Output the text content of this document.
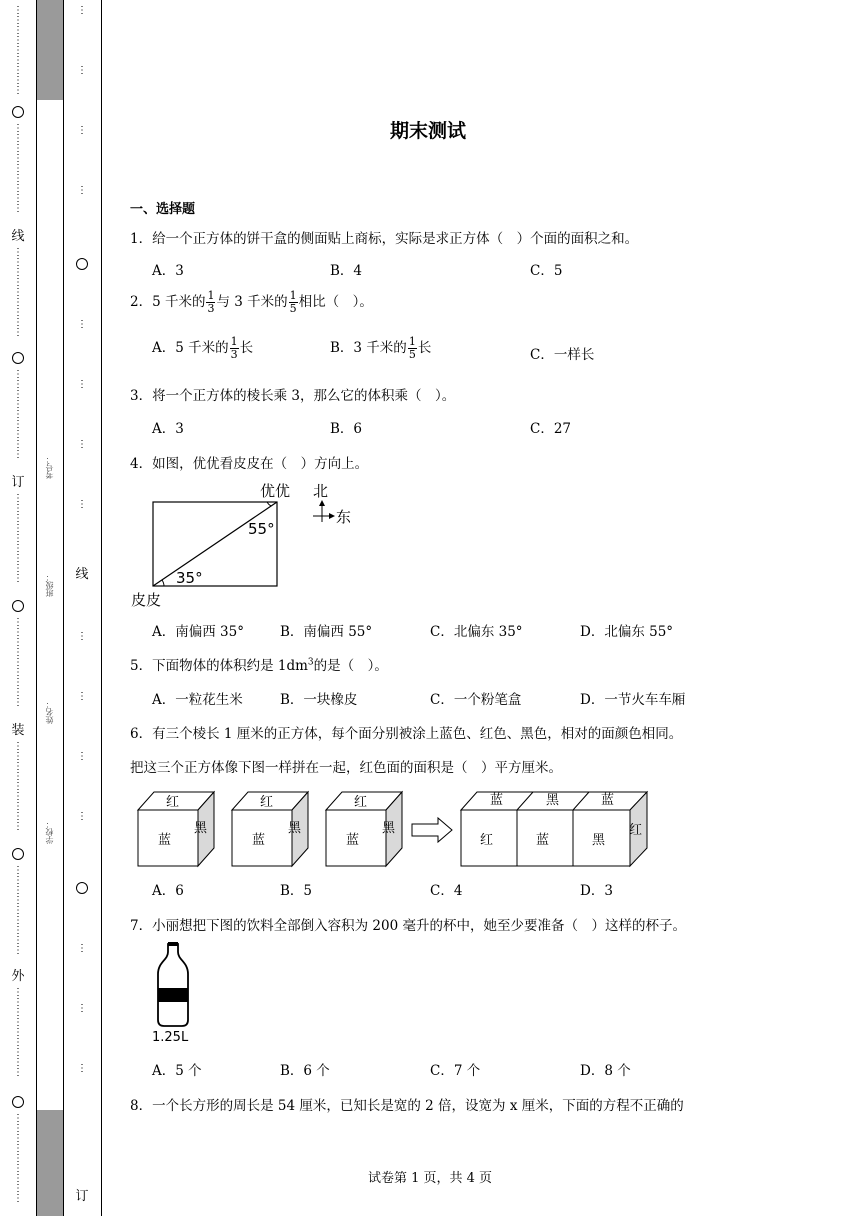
⋮
⋮
⋮
⋮
⋮
⋮
⋮
⋮
⋮
⋮
⋮
⋮
⋮
⋮
⋮
⋮
⋮
⋮
线
⋮
⋮
⋮
⋮
⋮
⋮
⋮
⋮
⋮
⋮
⋮
⋮
⋮
⋮
⋮
⋮
⋮
⋮
订
⋮
⋮
⋮
⋮
⋮
⋮
⋮
⋮
⋮
⋮
⋮
⋮
⋮
⋮
⋮
⋮
⋮
⋮
装
⋮
⋮
⋮
⋮
⋮
⋮
⋮
⋮
⋮
⋮
⋮
⋮
⋮
⋮
⋮
⋮
⋮
⋮
外
⋮
⋮
⋮
⋮
⋮
⋮
⋮
⋮
⋮
⋮
⋮
⋮
⋮
⋮
⋮
⋮
⋮
⋮
考号：
班级：
姓名：
学校：
⋮

⋮

⋮

⋮
⋮

⋮

⋮

⋮
线
⋮

⋮

⋮

⋮
⋮

⋮

⋮
订
期末测试
一、选择题
1．给一个正方体的饼干盒的侧面贴上商标，实际是求正方体（　）个面的面积之和。
A．3	B．4	C．5
2．5 千米的 $\frac{1}{3}$ 与 3 千米的 $\frac{1}{5}$ 相比（　）。
A．5 千米的 $\frac{1}{3}$ 长	B．3 千米的 $\frac{1}{5}$ 长	C．一样长
3．将一个正方体的棱长乘 3，那么它的体积乘（　）。
A．3	B．6	C．27
4．如图，优优看皮皮在（　）方向上。
优优 北
东
55°
35°
皮皮
A．南偏西 35°	B．南偏西 55°	C．北偏东 35°	D．北偏东 55°
5．下面物体的体积约是 $1dm^3$的是（　）。
A．一粒花生米	B．一块橡皮	C．一个粉笔盒	D．一节火车车厢
6．有三个棱长 1 厘米的正方体，每个面分别被涂上蓝色、红色、黑色，相对的面颜色相同。
把这三个正方体像下图一样拼在一起，红色面的面积是（　）平方厘米。
红
蓝
黑
红
蓝
黑
红
蓝
黑
蓝	黑	蓝
红	蓝	黑
红
A．6	B．5	C．4	D．3
7．小丽想把下图的饮料全部倒入容积为 200 毫升的杯中，她至少要准备（　）这样的杯子。
1.25L
A．5 个	B．6 个	C．7 个	D．8 个
8．一个长方形的周长是 54 厘米，已知长是宽的 2 倍，设宽为 x 厘米，下面的方程不正确的
试卷第 1 页，共 4 页
